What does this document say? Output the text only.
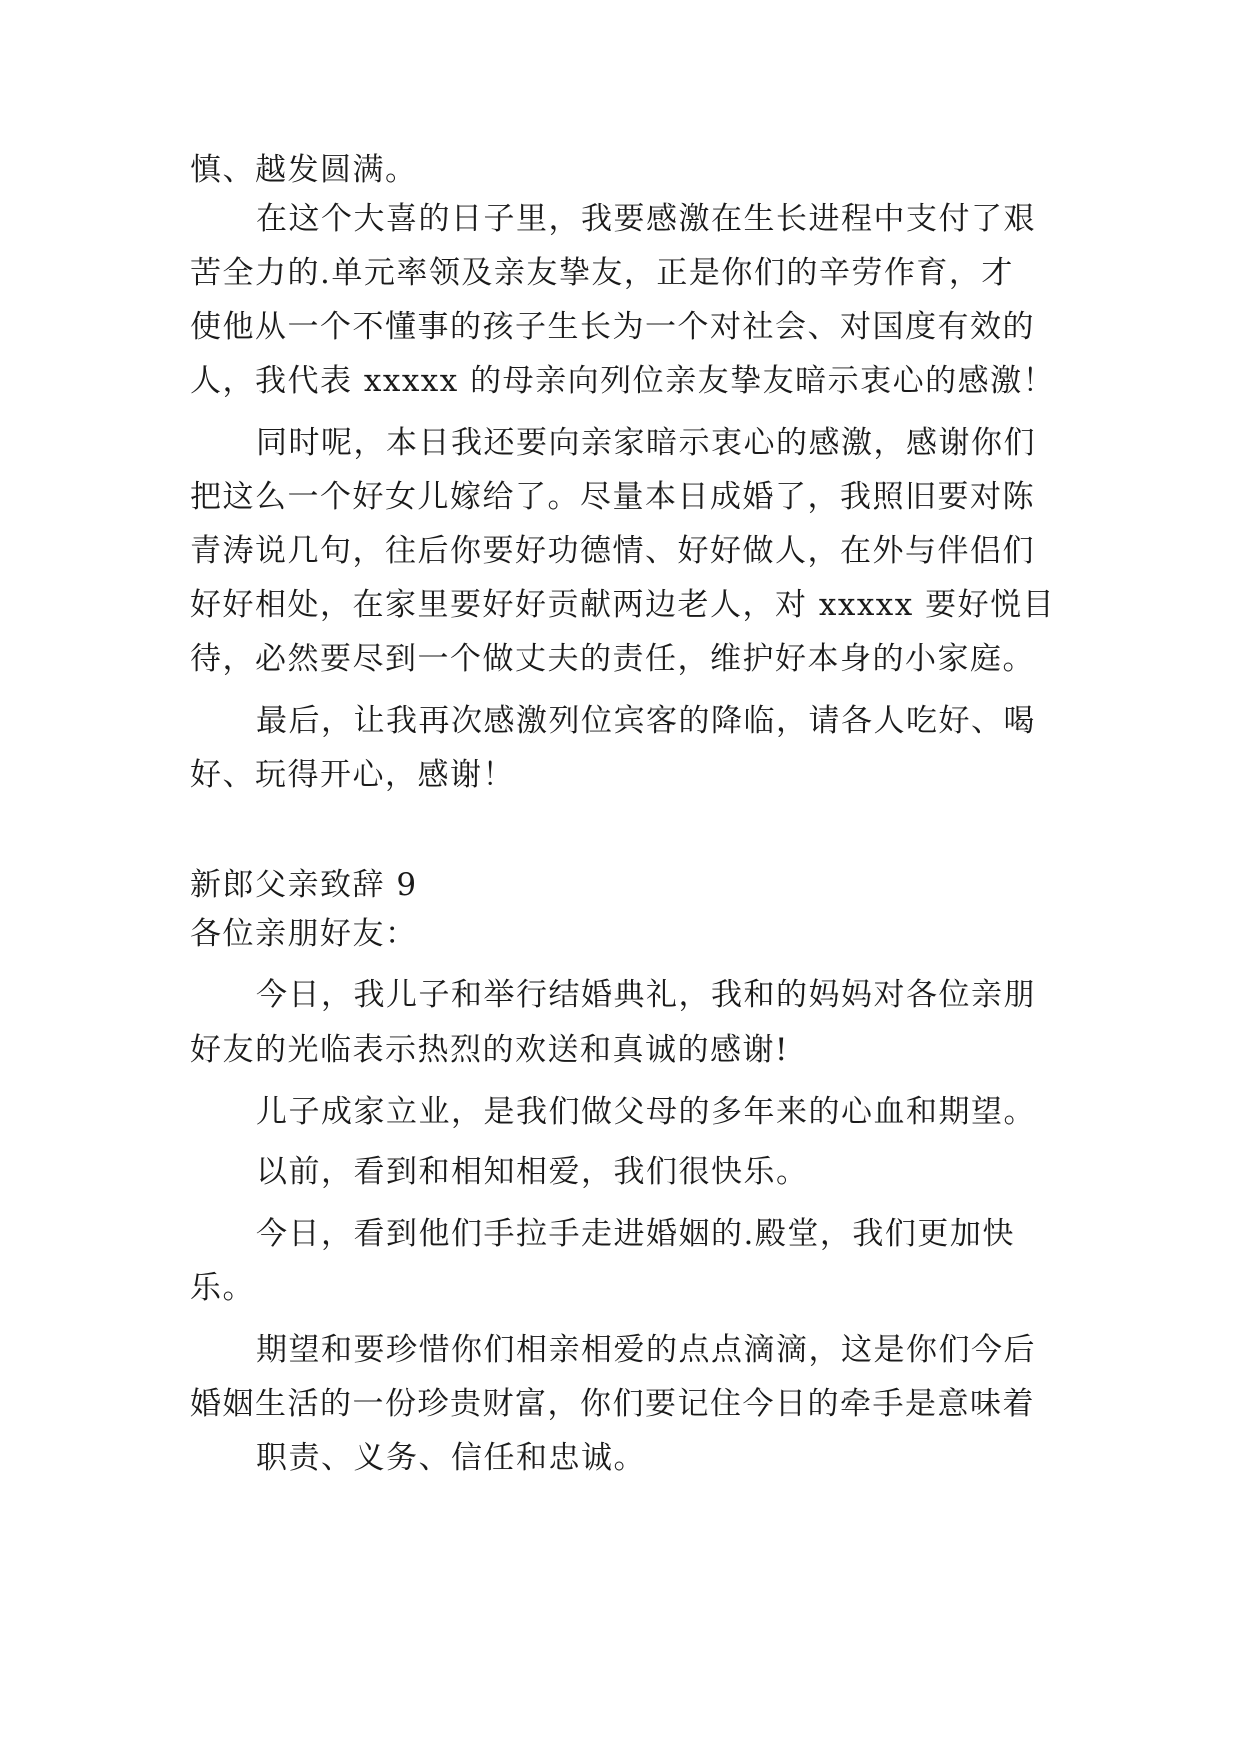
慎、越发圆满。
在这个大喜的日子里，我要感激在生长进程中支付了艰
苦全力的.单元率领及亲友挚友，正是你们的辛劳作育，才
使他从一个不懂事的孩子生长为一个对社会、对国度有效的
人，我代表 xxxxx 的母亲向列位亲友挚友暗示衷心的感激！
同时呢，本日我还要向亲家暗示衷心的感激，感谢你们
把这么一个好女儿嫁给了。尽量本日成婚了，我照旧要对陈
青涛说几句，往后你要好功德情、好好做人，在外与伴侣们
好好相处，在家里要好好贡献两边老人，对 xxxxx 要好悦目
待，必然要尽到一个做丈夫的责任，维护好本身的小家庭。
最后，让我再次感激列位宾客的降临，请各人吃好、喝
好、玩得开心，感谢！
新郎父亲致辞 9
各位亲朋好友：
今日，我儿子和举行结婚典礼，我和的妈妈对各位亲朋
好友的光临表示热烈的欢送和真诚的感谢!
儿子成家立业，是我们做父母的多年来的心血和期望。
以前，看到和相知相爱，我们很快乐。
今日，看到他们手拉手走进婚姻的.殿堂，我们更加快
乐。
期望和要珍惜你们相亲相爱的点点滴滴，这是你们今后
婚姻生活的一份珍贵财富，你们要记住今日的牵手是意味着
职责、义务、信任和忠诚。
